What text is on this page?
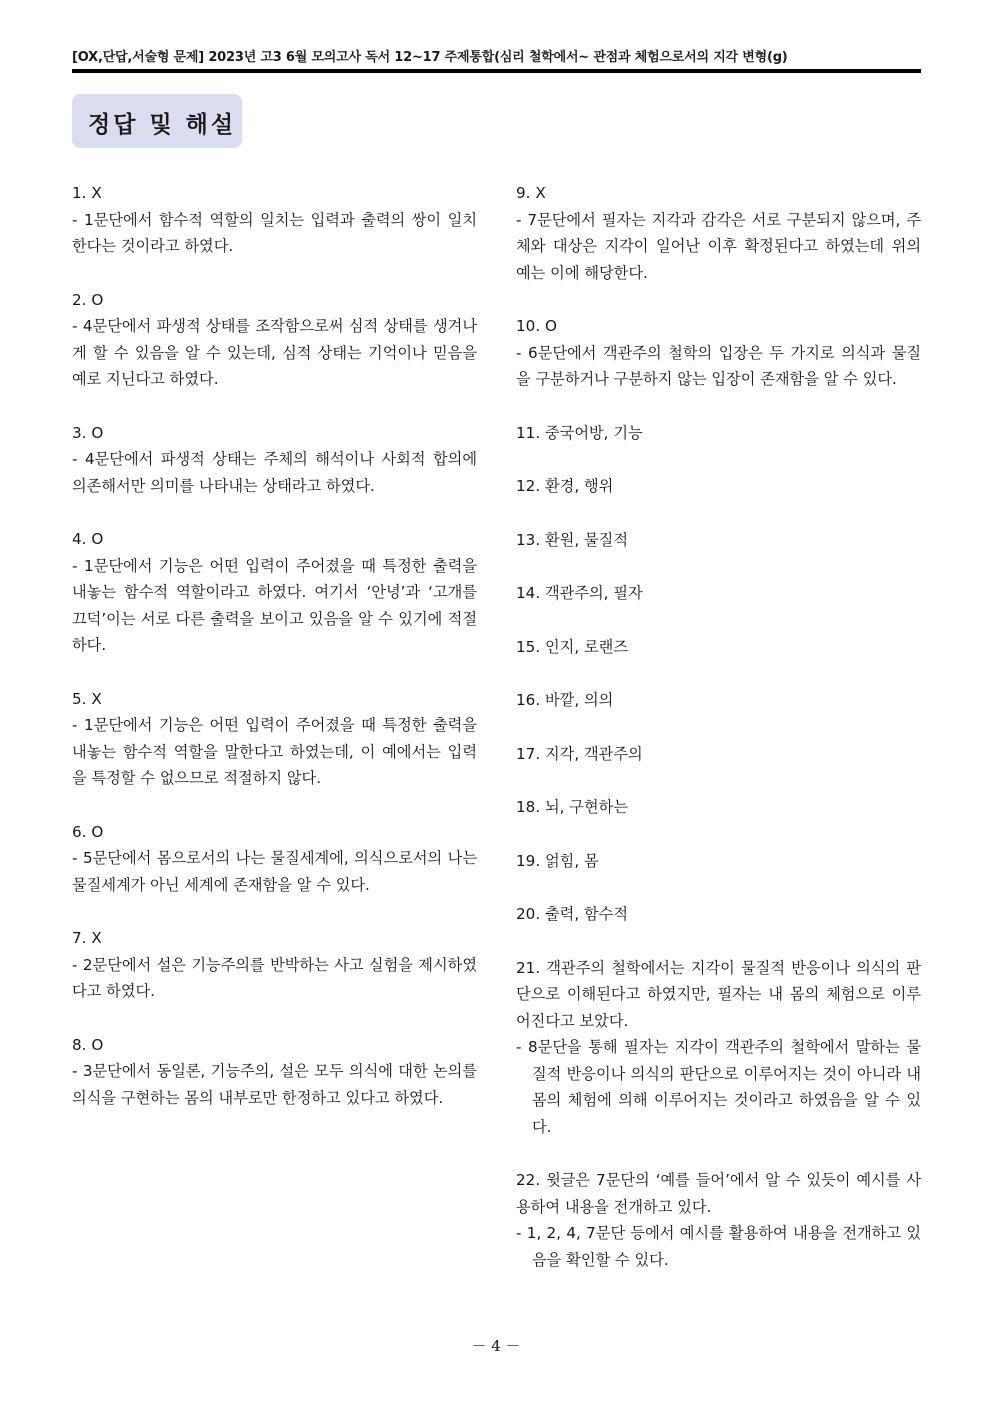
[OX,단답,서술형 문제] 2023년 고3 6월 모의고사 독서 12~17 주제통합(심리 철학에서~ 관점과 체험으로서의 지각 변형(g)
정답 및 해설
1. X
- 1문단에서 함수적 역할의 일치는 입력과 출력의 쌍이 일치한다는 것이라고 하였다.
2. O
- 4문단에서 파생적 상태를 조작함으로써 심적 상태를 생겨나게 할 수 있음을 알 수 있는데, 심적 상태는 기억이나 믿음을 예로 지닌다고 하였다.
3. O
- 4문단에서 파생적 상태는 주체의 해석이나 사회적 합의에 의존해서만 의미를 나타내는 상태라고 하였다.
4. O
- 1문단에서 기능은 어떤 입력이 주어졌을 때 특정한 출력을 내놓는 함수적 역할이라고 하였다. 여기서 ‘안녕’과 ‘고개를 끄덕’이는 서로 다른 출력을 보이고 있음을 알 수 있기에 적절하다.
5. X
- 1문단에서 기능은 어떤 입력이 주어졌을 때 특정한 출력을 내놓는 함수적 역할을 말한다고 하였는데, 이 예에서는 입력을 특정할 수 없으므로 적절하지 않다.
6. O
- 5문단에서 몸으로서의 나는 물질세계에, 의식으로서의 나는 물질세계가 아닌 세계에 존재함을 알 수 있다.
7. X
- 2문단에서 설은 기능주의를 반박하는 사고 실험을 제시하였다고 하였다.
8. O
- 3문단에서 동일론, 기능주의, 설은 모두 의식에 대한 논의를 의식을 구현하는 몸의 내부로만 한정하고 있다고 하였다.
9. X
- 7문단에서 필자는 지각과 감각은 서로 구분되지 않으며, 주체와 대상은 지각이 일어난 이후 확정된다고 하였는데 위의 예는 이에 해당한다.
10. O
- 6문단에서 객관주의 철학의 입장은 두 가지로 의식과 물질을 구분하거나 구분하지 않는 입장이 존재함을 알 수 있다.
11. 중국어방, 기능
12. 환경, 행위
13. 환원, 물질적
14. 객관주의, 필자
15. 인지, 로랜즈
16. 바깥, 의의
17. 지각, 객관주의
18. 뇌, 구현하는
19. 얽힘, 몸
20. 출력, 함수적
21. 객관주의 철학에서는 지각이 물질적 반응이나 의식의 판단으로 이해된다고 하였지만, 필자는 내 몸의 체험으로 이루어진다고 보았다.
- 8문단을 통해 필자는 지각이 객관주의 철학에서 말하는 물질적 반응이나 의식의 판단으로 이루어지는 것이 아니라 내 몸의 체험에 의해 이루어지는 것이라고 하였음을 알 수 있다.
22. 윗글은 7문단의 ‘예를 들어’에서 알 수 있듯이 예시를 사용하여 내용을 전개하고 있다.
- 1, 2, 4, 7문단 등에서 예시를 활용하여 내용을 전개하고 있음을 확인할 수 있다.
－ 4 －
